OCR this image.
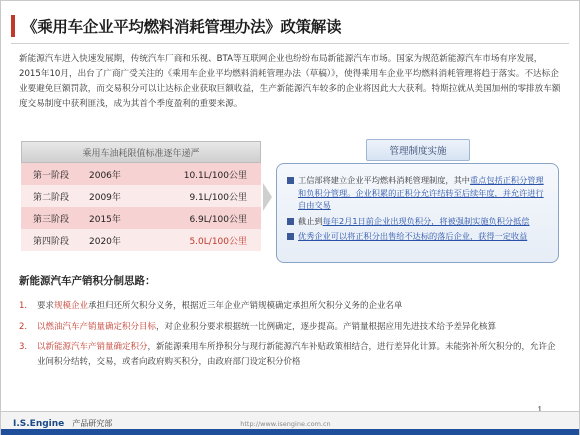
《乘用车企业平均燃料消耗管理办法》政策解读

新能源汽车进入快速发展期，传统汽车厂商和乐视、BTA等互联网企业也纷纷布局新能源汽车市场。国家为规范新能源汽车市场有序发展，2015年10月，出台了广商广受关注的《乘用车企业平均燃料消耗管理办法（草稿）》，使得乘用车企业平均燃料消耗管理将趋于落实。不达标企业要避免巨额罚款，而交易积分可以让达标企业获取巨额收益，生产新能源汽车较多的企业将因此大大获利。特斯拉就从美国加州的零排放车额度交易制度中获利匪浅，成为其首个季度盈利的重要来源。

乘用车油耗限值标准逐年递严
第一阶段	2006年	10.1L/100公里
第二阶段	2009年	9.1L/100公里
第三阶段	2015年	6.9L/100公里
第四阶段	2020年	5.0L/100公里
管理制度实施
工信部将建立企业平均燃料消耗管理制度，其中重点包括正积分管理和负积分管理。企业积累的正积分允许结转至后续年度，并允许进行自由交易
截止到每年2月1日前企业出现负积分，将被强制实施负积分抵偿
优秀企业可以将正积分出售给不达标的落后企业，获得一定收益
新能源汽车产销积分制思路：
1.	要求规模企业承担归还所欠积分义务，根据近三年企业产销规模确定承担所欠积分义务的企业名单
2.	以燃油汽车产销量确定积分目标，对企业积分要求根据统一比例确定，逐步提高。产销量根据应用先进技术给予差异化核算
3.	以新能源汽车产销量确定积分，新能源乘用车所挣积分与现行新能源汽车补贴政策相结合，进行差异化计算。未能弥补所欠积分的，允许企业间积分结转，交易，或者向政府购买积分，由政府部门设定积分价格
I.S.Engine 产品研究部	http://www.isengine.com.cn
